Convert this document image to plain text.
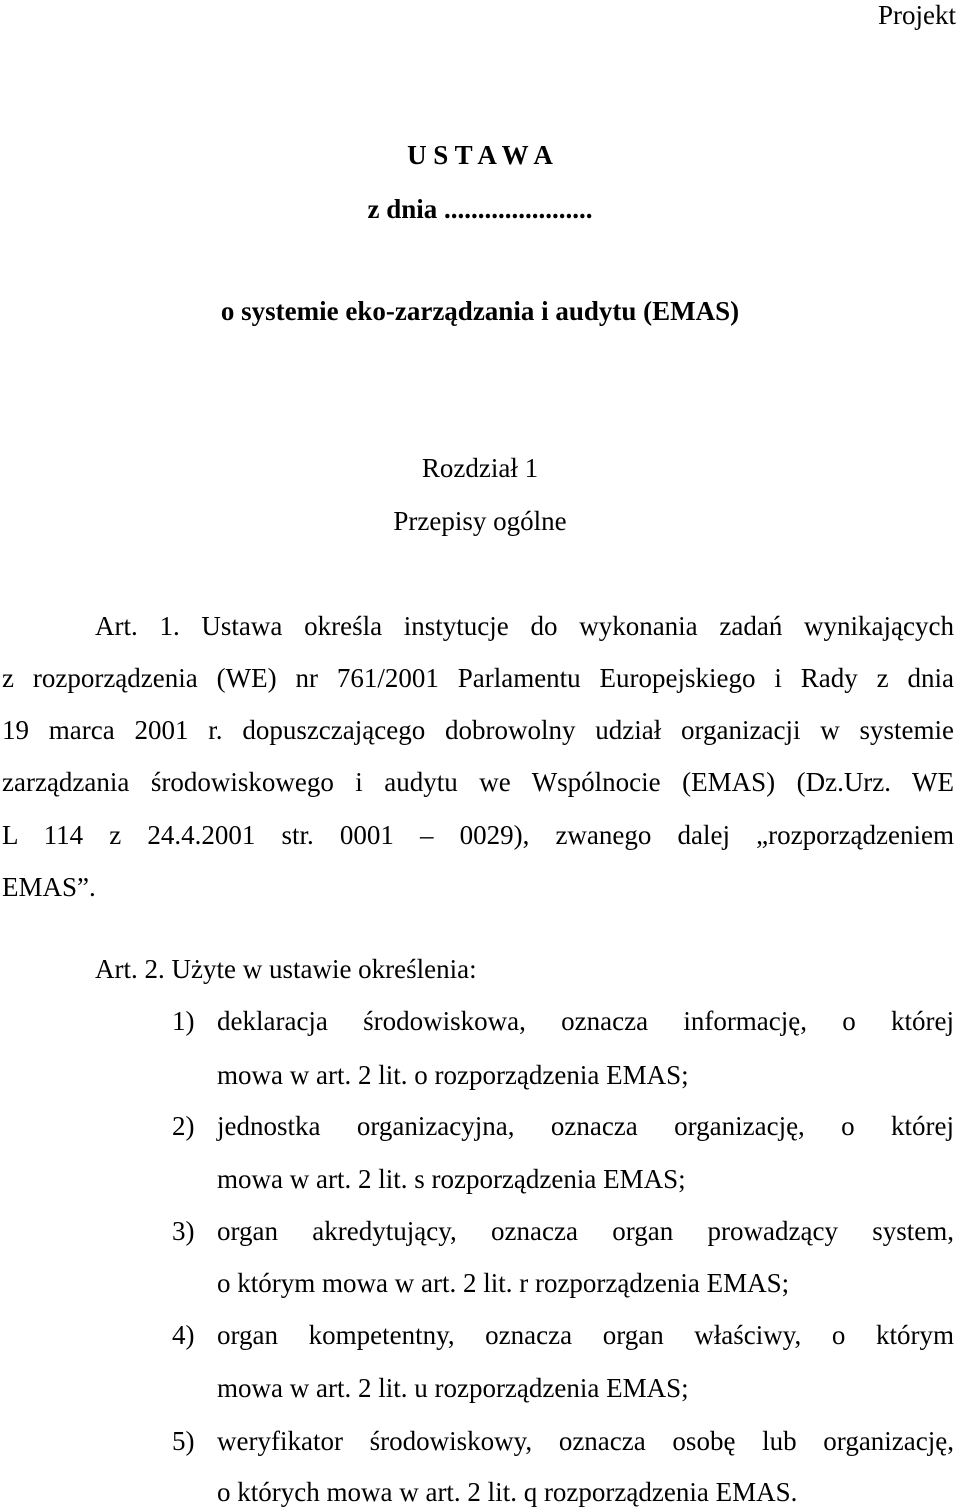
Projekt
U S T A W A
z dnia ......................
o systemie eko-zarządzania i audytu (EMAS)
Rozdział 1
Przepisy ogólne
Art. 1. Ustawa określa instytucje do wykonania zadań wynikających
z rozporządzenia (WE) nr 761/2001 Parlamentu Europejskiego i Rady z dnia
19 marca 2001 r. dopuszczającego dobrowolny udział organizacji w systemie
zarządzania środowiskowego i audytu we Wspólnocie (EMAS) (Dz.Urz. WE
L 114 z 24.4.2001 str. 0001 – 0029), zwanego dalej „rozporządzeniem
EMAS”.
Art. 2. Użyte w ustawie określenia:
1) deklaracja środowiskowa, oznacza informację, o której
mowa w art. 2 lit. o rozporządzenia EMAS;
2) jednostka organizacyjna, oznacza organizację, o której
mowa w art. 2 lit. s rozporządzenia EMAS;
3) organ akredytujący, oznacza organ prowadzący system,
o którym mowa w art. 2 lit. r rozporządzenia EMAS;
4) organ kompetentny, oznacza organ właściwy, o którym
mowa w art. 2 lit. u rozporządzenia EMAS;
5) weryfikator środowiskowy, oznacza osobę lub organizację,
o których mowa w art. 2 lit. q rozporządzenia EMAS.
